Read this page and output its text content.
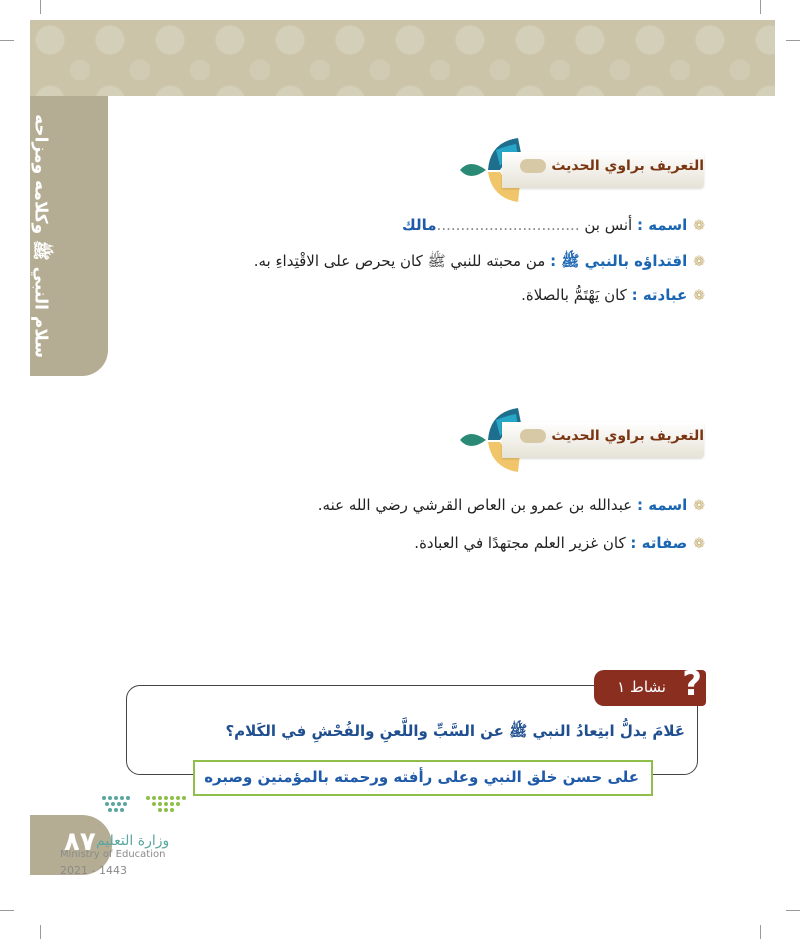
سلام النبي ﷺ وكلامه ومزاحه	التعريف براوي الحديث
❁اسمه : أنس بن ..............................مالك
❁اقتداؤه بالنبي ﷺ : من محبته للنبي ﷺ كان يحرص على الاقْتِداءِ به.
❁عبادته : كان يَهْتَمُّ بالصلاة.
التعريف براوي الحديث
❁اسمه : عبدالله بن عمرو بن العاص القرشي رضي الله عنه.
❁صفاته : كان غزير العلم مجتهدًا في العبادة.
نشاط ١ ?
عَلامَ يدلُّ ابتِعادُ النبي ﷺ عن السَّبِّ واللَّعنِ والفُحْشِ في الكَلام؟
على حسن خلق النبي وعلى رأفته ورحمته بالمؤمنين وصبره
٨٧ وزارة التعليم
Ministry of Education
2021 - 1443
